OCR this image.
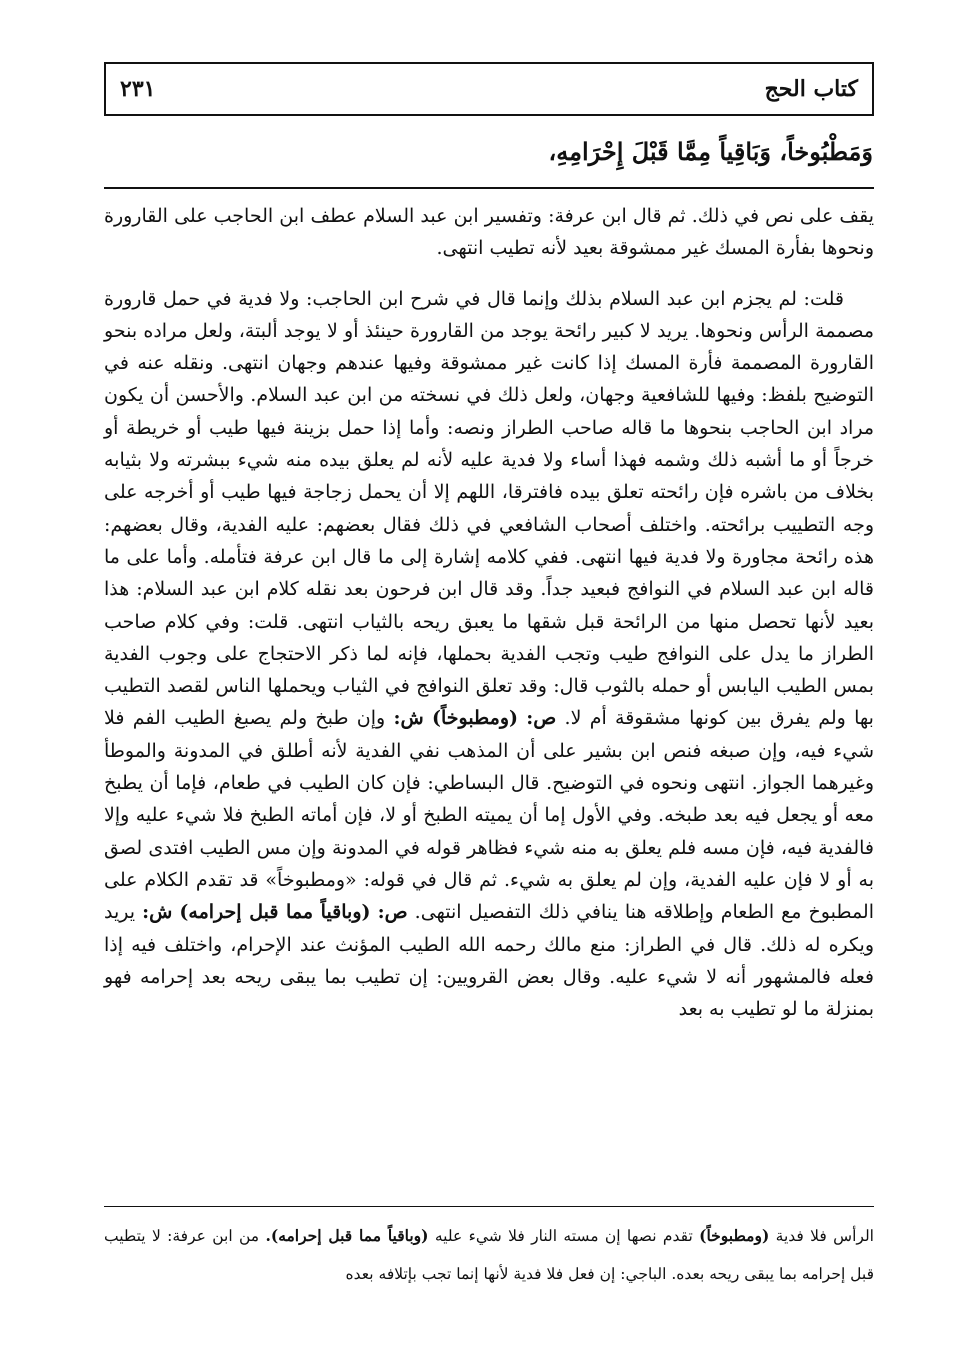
كتاب الحج
٢٣١
وَمَطْبُوخاً، وَبَاقِياً مِمَّا قَبْلَ إِحْرَامِهِ،

يقف على نص في ذلك. ثم قال ابن عرفة: وتفسير ابن عبد السلام عطف ابن الحاجب على القارورة ونحوها بفأرة المسك غير ممشوقة بعيد لأنه تطيب انتهى.

قلت: لم يجزم ابن عبد السلام بذلك وإنما قال في شرح ابن الحاجب: ولا فدية في حمل قارورة مصممة الرأس ونحوها. يريد لا كبير رائحة يوجد من القارورة حينئذ أو لا يوجد ألبتة، ولعل مراده بنحو القارورة المصممة فأرة المسك إذا كانت غير ممشوقة وفيها عندهم وجهان انتهى. ونقله عنه في التوضيح بلفظ: وفيها للشافعية وجهان، ولعل ذلك في نسخته من ابن عبد السلام. والأحسن أن يكون مراد ابن الحاجب بنحوها ما قاله صاحب الطراز ونصه: وأما إذا حمل بزينة فيها طيب أو خريطة أو خرجاً أو ما أشبه ذلك وشمه فهذا أساء ولا فدية عليه لأنه لم يعلق بيده منه شيء ببشرته ولا بثيابه بخلاف من باشره فإن رائحته تعلق بيده فافترقا، اللهم إلا أن يحمل زجاجة فيها طيب أو أخرجه على وجه التطييب برائحته. واختلف أصحاب الشافعي في ذلك فقال بعضهم: عليه الفدية، وقال بعضهم: هذه رائحة مجاورة ولا فدية فيها انتهى. ففي كلامه إشارة إلى ما قال ابن عرفة فتأمله. وأما على ما قاله ابن عبد السلام في النوافج فبعيد جداً. وقد قال ابن فرحون بعد نقله كلام ابن عبد السلام: هذا بعيد لأنها تحصل منها من الرائحة قبل شقها ما يعبق ريحه بالثياب انتهى. قلت: وفي كلام صاحب الطراز ما يدل على النوافج طيب وتجب الفدية بحملها، فإنه لما ذكر الاحتجاج على وجوب الفدية بمس الطيب اليابس أو حمله بالثوب قال: وقد تعلق النوافج في الثياب ويحملها الناس لقصد التطيب بها ولم يفرق بين كونها مشقوقة أم لا. ص: (ومطبوخاً) ش: وإن طبخ ولم يصبغ الطيب الفم فلا شيء فيه، وإن صبغه فنص ابن بشير على أن المذهب نفي الفدية لأنه أطلق في المدونة والموطأ وغيرهما الجواز. انتهى ونحوه في التوضيح. قال البساطي: فإن كان الطيب في طعام، فإما أن يطبخ معه أو يجعل فيه بعد طبخه. وفي الأول إما أن يميته الطبخ أو لا، فإن أماته الطبخ فلا شيء عليه وإلا فالفدية فيه، فإن مسه فلم يعلق به منه شيء فظاهر قوله في المدونة وإن مس الطيب افتدى لصق به أو لا فإن عليه الفدية، وإن لم يعلق به شيء. ثم قال في قوله: «ومطبوخاً» قد تقدم الكلام على المطبوخ مع الطعام وإطلاقه هنا ينافي ذلك التفصيل انتهى. ص: (وباقياً مما قبل إحرامه) ش: يريد ويكره له ذلك. قال في الطراز: منع مالك رحمه الله الطيب المؤنث عند الإحرام، واختلف فيه إذا فعله فالمشهور أنه لا شيء عليه. وقال بعض القرويين: إن تطيب بما يبقى ريحه بعد إحرامه فهو بمنزلة ما لو تطيب به بعد

الرأس فلا فدية (ومطبوخاً) تقدم نصها إن مسته النار فلا شيء عليه (وباقياً مما قبل إحرامه). من ابن عرفة: لا يتطيب قبل إحرامه بما يبقى ريحه بعده. الباجي: إن فعل فلا فدية لأنها إنما تجب بإتلافه بعده
